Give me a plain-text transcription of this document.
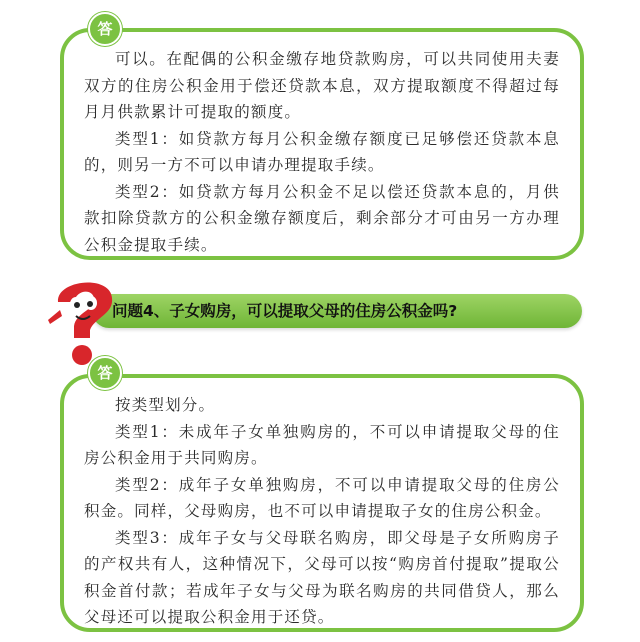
可以。在配偶的公积金缴存地贷款购房，可以共同使用夫妻双方的住房公积金用于偿还贷款本息，双方提取额度不得超过每月月供款累计可提取的额度。

类型1：如贷款方每月公积金缴存额度已足够偿还贷款本息的，则另一方不可以申请办理提取手续。

类型2：如贷款方每月公积金不足以偿还贷款本息的，月供款扣除贷款方的公积金缴存额度后，剩余部分才可由另一方办理公积金提取手续。

答
问题4、子女购房，可以提取父母的住房公积金吗?

按类型划分。

类型1：未成年子女单独购房的，不可以申请提取父母的住房公积金用于共同购房。

类型2：成年子女单独购房，不可以申请提取父母的住房公积金。同样，父母购房，也不可以申请提取子女的住房公积金。

类型3：成年子女与父母联名购房，即父母是子女所购房子的产权共有人，这种情况下，父母可以按“购房首付提取”提取公积金首付款；若成年子女与父母为联名购房的共同借贷人，那么父母还可以提取公积金用于还贷。

答
